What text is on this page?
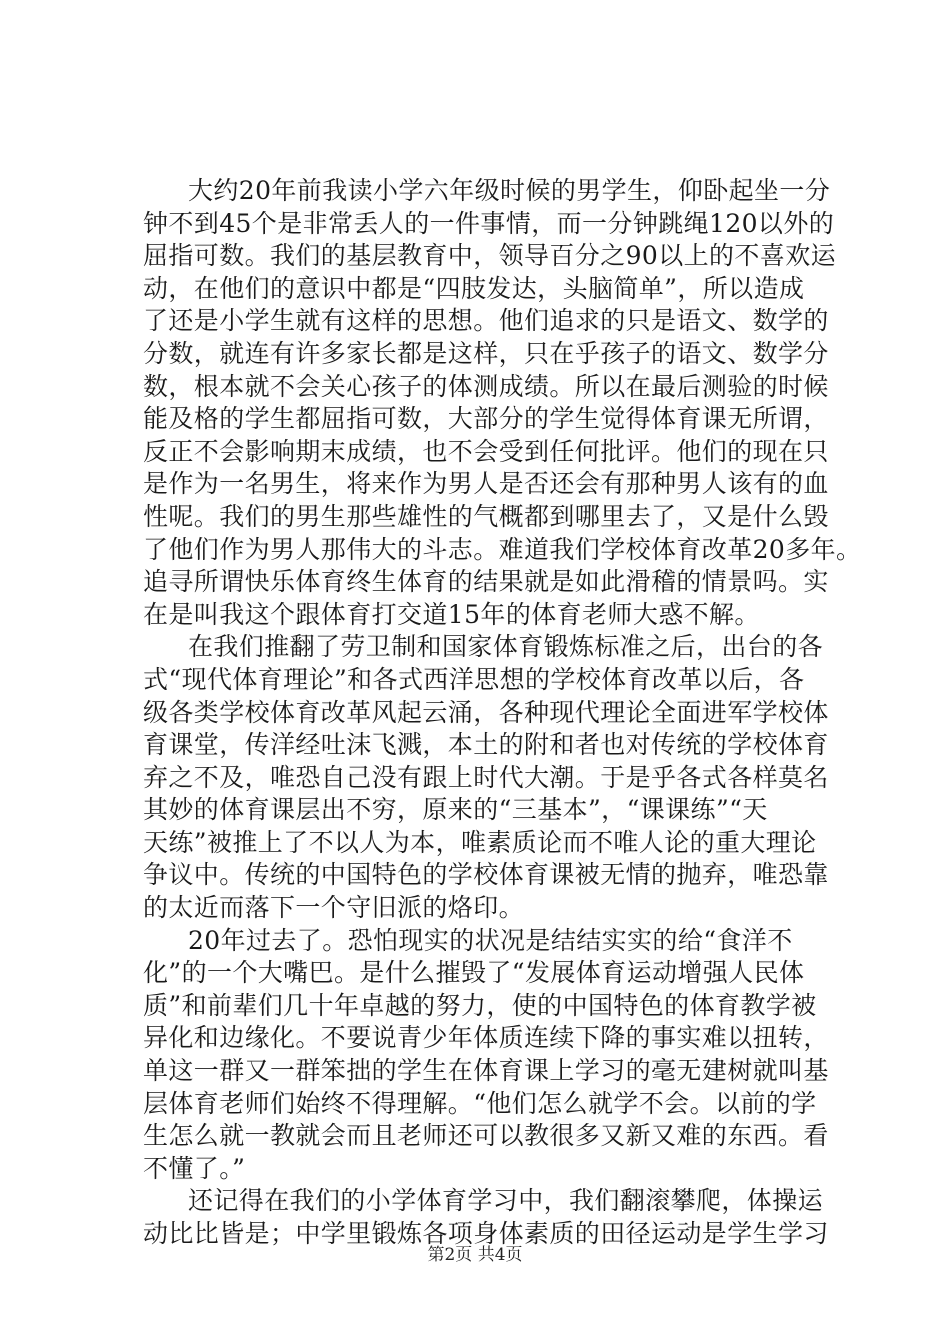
大约20年前我读小学六年级时候的男学生，仰卧起坐一分
钟不到45个是非常丢人的一件事情，而一分钟跳绳120以外的
屈指可数。我们的基层教育中，领导百分之90以上的不喜欢运
动，在他们的意识中都是“四肢发达，头脑简单”，所以造成
了还是小学生就有这样的思想。他们追求的只是语文、数学的
分数，就连有许多家长都是这样，只在乎孩子的语文、数学分
数，根本就不会关心孩子的体测成绩。所以在最后测验的时候
能及格的学生都屈指可数，大部分的学生觉得体育课无所谓，
反正不会影响期末成绩，也不会受到任何批评。他们的现在只
是作为一名男生，将来作为男人是否还会有那种男人该有的血
性呢。我们的男生那些雄性的气概都到哪里去了，又是什么毁
了他们作为男人那伟大的斗志。难道我们学校体育改革20多年。
追寻所谓快乐体育终生体育的结果就是如此滑稽的情景吗。实
在是叫我这个跟体育打交道15年的体育老师大惑不解。
在我们推翻了劳卫制和国家体育锻炼标准之后，出台的各
式“现代体育理论”和各式西洋思想的学校体育改革以后，各
级各类学校体育改革风起云涌，各种现代理论全面进军学校体
育课堂，传洋经吐沫飞溅，本土的附和者也对传统的学校体育
弃之不及，唯恐自己没有跟上时代大潮。于是乎各式各样莫名
其妙的体育课层出不穷，原来的“三基本”，“课课练”“天
天练”被推上了不以人为本，唯素质论而不唯人论的重大理论
争议中。传统的中国特色的学校体育课被无情的抛弃，唯恐靠
的太近而落下一个守旧派的烙印。
20年过去了。恐怕现实的状况是结结实实的给“食洋不
化”的一个大嘴巴。是什么摧毁了“发展体育运动增强人民体
质”和前辈们几十年卓越的努力，使的中国特色的体育教学被
异化和边缘化。不要说青少年体质连续下降的事实难以扭转，
单这一群又一群笨拙的学生在体育课上学习的毫无建树就叫基
层体育老师们始终不得理解。“他们怎么就学不会。以前的学
生怎么就一教就会而且老师还可以教很多又新又难的东西。看
不懂了。”
还记得在我们的小学体育学习中，我们翻滚攀爬，体操运
动比比皆是；中学里锻炼各项身体素质的田径运动是学生学习
第2页 共4页
